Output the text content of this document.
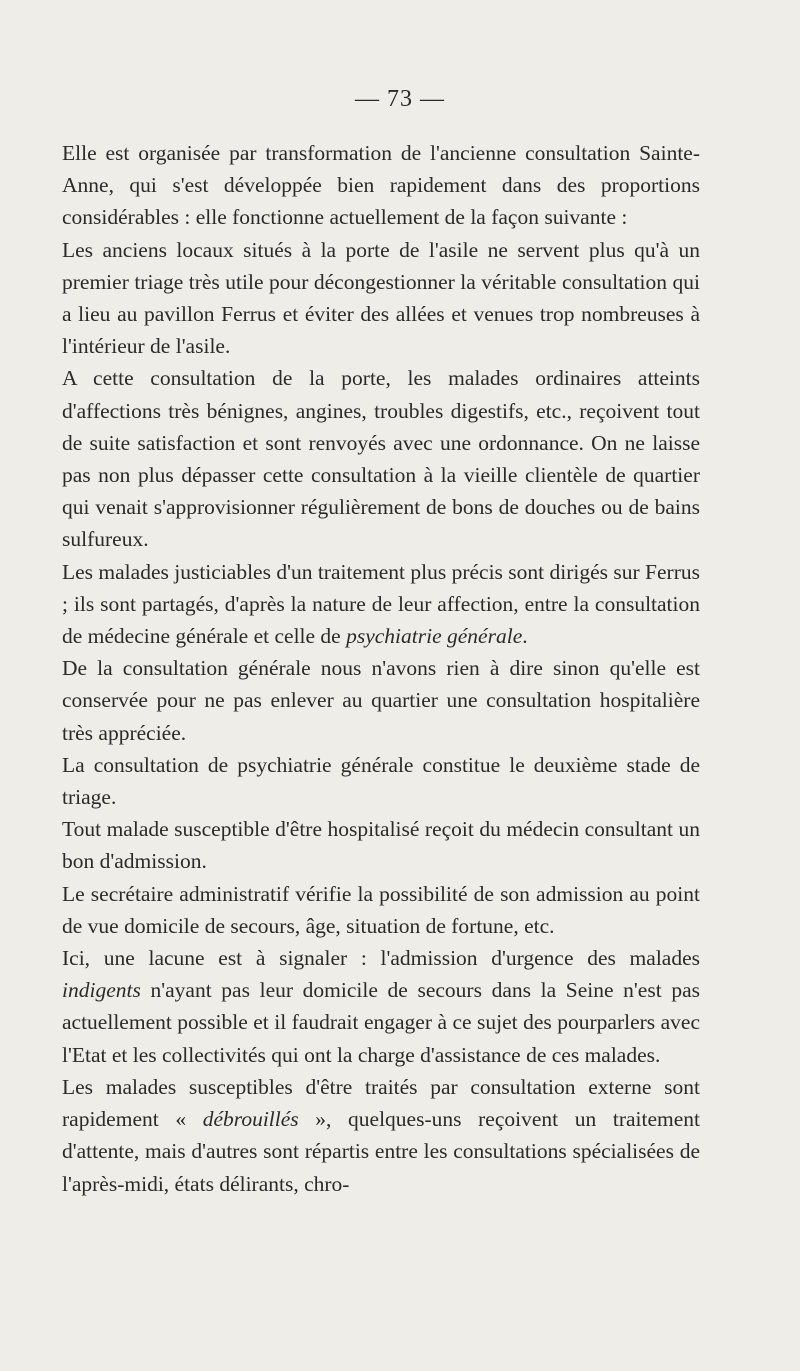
— 73 —

Elle est organisée par transformation de l'ancienne consultation Sainte-Anne, qui s'est développée bien rapidement dans des proportions considérables : elle fonctionne actuellement de la façon suivante :

Les anciens locaux situés à la porte de l'asile ne servent plus qu'à un premier triage très utile pour décongestionner la véritable consultation qui a lieu au pavillon Ferrus et éviter des allées et venues trop nombreuses à l'intérieur de l'asile.

A cette consultation de la porte, les malades ordinaires atteints d'affections très bénignes, angines, troubles digestifs, etc., reçoivent tout de suite satisfaction et sont renvoyés avec une ordonnance. On ne laisse pas non plus dépasser cette consultation à la vieille clientèle de quartier qui venait s'approvisionner régulièrement de bons de douches ou de bains sulfureux.

Les malades justiciables d'un traitement plus précis sont dirigés sur Ferrus ; ils sont partagés, d'après la nature de leur affection, entre la consultation de médecine générale et celle de psychiatrie générale.

De la consultation générale nous n'avons rien à dire sinon qu'elle est conservée pour ne pas enlever au quartier une consultation hospitalière très appréciée.

La consultation de psychiatrie générale constitue le deuxième stade de triage.

Tout malade susceptible d'être hospitalisé reçoit du médecin consultant un bon d'admission.

Le secrétaire administratif vérifie la possibilité de son admission au point de vue domicile de secours, âge, situation de fortune, etc.

Ici, une lacune est à signaler : l'admission d'urgence des malades indigents n'ayant pas leur domicile de secours dans la Seine n'est pas actuellement possible et il faudrait engager à ce sujet des pourparlers avec l'Etat et les collectivités qui ont la charge d'assistance de ces malades.

Les malades susceptibles d'être traités par consultation externe sont rapidement « débrouillés », quelques-uns reçoivent un traitement d'attente, mais d'autres sont répartis entre les consultations spécialisées de l'après-midi, états délirants, chro-
